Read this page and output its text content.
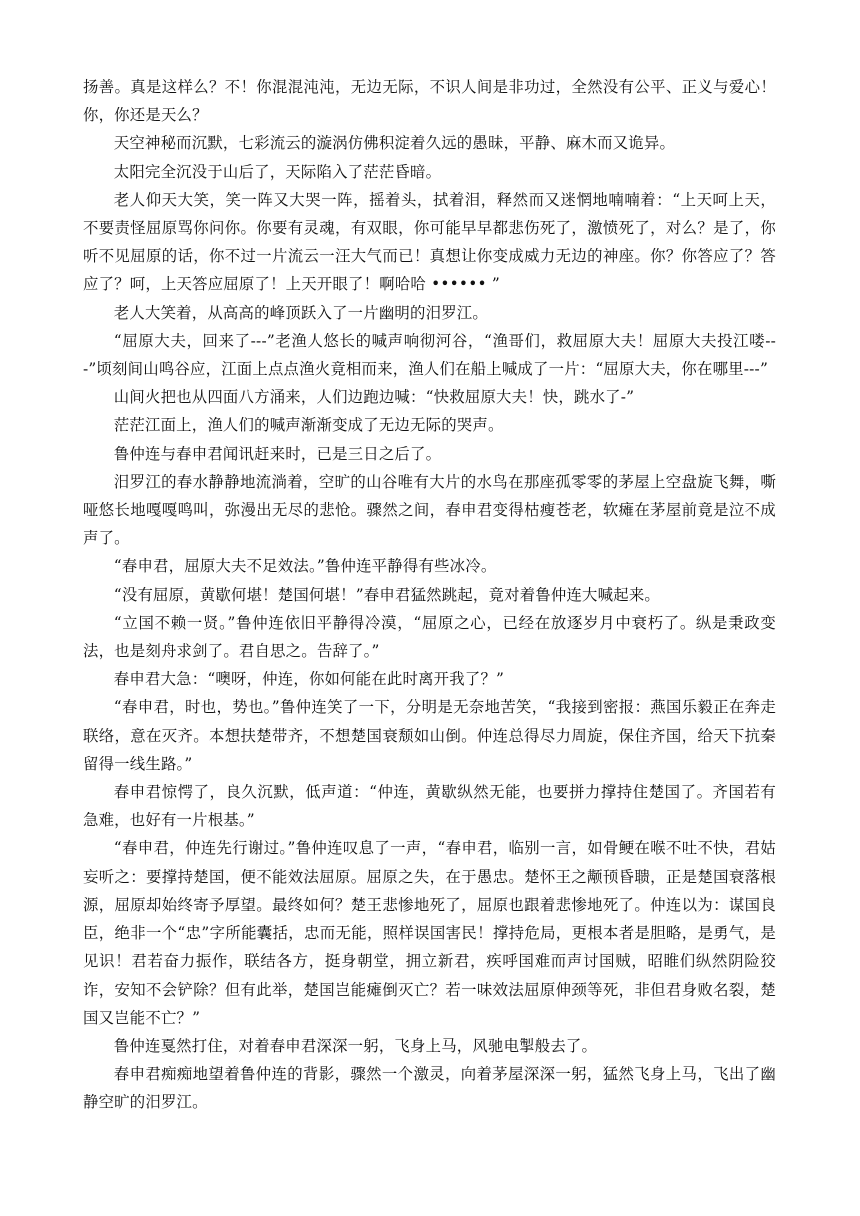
扬善。真是这样么？不！你混混沌沌，无边无际，不识人间是非功过，全然没有公平、正义与爱心！你，你还是天么？

天空神秘而沉默，七彩流云的漩涡仿佛积淀着久远的愚昧，平静、麻木而又诡异。

太阳完全沉没于山后了，天际陷入了茫茫昏暗。

老人仰天大笑，笑一阵又大哭一阵，摇着头，拭着泪，释然而又迷惘地喃喃着：“上天呵上天，不要责怪屈原骂你问你。你要有灵魂，有双眼，你可能早早都悲伤死了，激愤死了，对么？是了，你听不见屈原的话，你不过一片流云一汪大气而已！真想让你变成威力无边的神座。你？你答应了？答应了？呵，上天答应屈原了！上天开眼了！啊哈哈 •••••• ”

老人大笑着，从高高的峰顶跃入了一片幽明的汨罗江。

“屈原大夫，回来了---”老渔人悠长的喊声响彻河谷，“渔哥们，救屈原大夫！屈原大夫投江喽---”顷刻间山鸣谷应，江面上点点渔火竟相而来，渔人们在船上喊成了一片：“屈原大夫，你在哪里---”

山间火把也从四面八方涌来，人们边跑边喊：“快救屈原大夫！快，跳水了-”

茫茫江面上，渔人们的喊声渐渐变成了无边无际的哭声。

鲁仲连与春申君闻讯赶来时，已是三日之后了。

汨罗江的春水静静地流淌着，空旷的山谷唯有大片的水鸟在那座孤零零的茅屋上空盘旋飞舞，嘶哑悠长地嘎嘎鸣叫，弥漫出无尽的悲怆。骤然之间，春申君变得枯瘦苍老，软瘫在茅屋前竟是泣不成声了。

“春申君，屈原大夫不足效法。”鲁仲连平静得有些冰冷。

“没有屈原，黄歇何堪！楚国何堪！”春申君猛然跳起，竟对着鲁仲连大喊起来。

“立国不赖一贤。”鲁仲连依旧平静得冷漠，“屈原之心，已经在放逐岁月中衰朽了。纵是秉政变法，也是刻舟求剑了。君自思之。告辞了。”

春申君大急：“噢呀，仲连，你如何能在此时离开我了？”

“春申君，时也，势也。”鲁仲连笑了一下，分明是无奈地苦笑，“我接到密报：燕国乐毅正在奔走联络，意在灭齐。本想扶楚带齐，不想楚国衰颓如山倒。仲连总得尽力周旋，保住齐国，给天下抗秦留得一线生路。”

春申君惊愕了，良久沉默，低声道：“仲连，黄歇纵然无能，也要拼力撑持住楚国了。齐国若有急难，也好有一片根基。”

“春申君，仲连先行谢过。”鲁仲连叹息了一声，“春申君，临别一言，如骨鲠在喉不吐不快，君姑妄听之：要撑持楚国，便不能效法屈原。屈原之失，在于愚忠。楚怀王之颟顸昏聩，正是楚国衰落根源，屈原却始终寄予厚望。最终如何？楚王悲惨地死了，屈原也跟着悲惨地死了。仲连以为：谋国良臣，绝非一个“忠”字所能囊括，忠而无能，照样误国害民！撑持危局，更根本者是胆略，是勇气，是见识！君若奋力振作，联结各方，挺身朝堂，拥立新君，疾呼国难而声讨国贼，昭睢们纵然阴险狡诈，安知不会铲除？但有此举，楚国岂能瘫倒灭亡？若一味效法屈原伸颈等死，非但君身败名裂，楚国又岂能不亡？”

鲁仲连戛然打住，对着春申君深深一躬，飞身上马，风驰电掣般去了。

春申君痴痴地望着鲁仲连的背影，骤然一个激灵，向着茅屋深深一躬，猛然飞身上马，飞出了幽静空旷的汨罗江。
